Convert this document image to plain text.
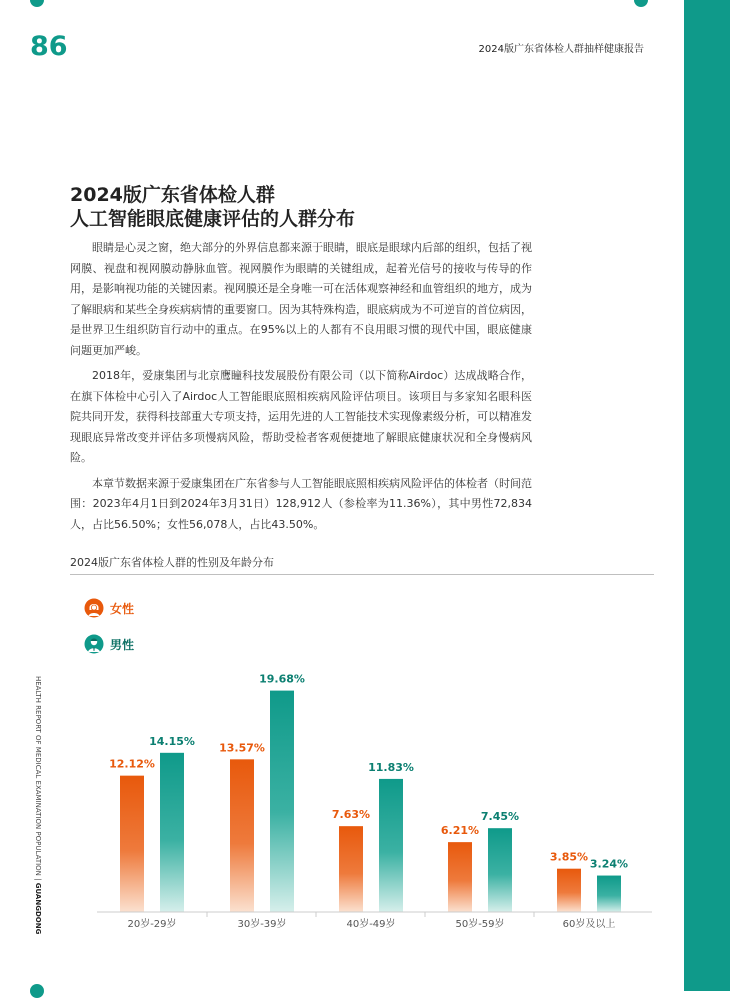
86	2024版广东省体检人群抽样健康报告
2024版广东省体检人群
人工智能眼底健康评估的人群分布

眼睛是心灵之窗，绝大部分的外界信息都来源于眼睛，眼底是眼球内后部的组织，包括了视网膜、视盘和视网膜动静脉血管。视网膜作为眼睛的关键组成，起着光信号的接收与传导的作用，是影响视功能的关键因素。视网膜还是全身唯一可在活体观察神经和血管组织的地方，成为了解眼病和某些全身疾病病情的重要窗口。因为其特殊构造，眼底病成为不可逆盲的首位病因，是世界卫生组织防盲行动中的重点。在95%以上的人都有不良用眼习惯的现代中国，眼底健康问题更加严峻。

2018年，爱康集团与北京鹰瞳科技发展股份有限公司（以下简称Airdoc）达成战略合作，在旗下体检中心引入了Airdoc人工智能眼底照相疾病风险评估项目。该项目与多家知名眼科医院共同开发，获得科技部重大专项支持，运用先进的人工智能技术实现像素级分析，可以精准发现眼底异常改变并评估多项慢病风险，帮助受检者客观便捷地了解眼底健康状况和全身慢病风险。

本章节数据来源于爱康集团在广东省参与人工智能眼底照相疾病风险评估的体检者（时间范围：2023年4月1日到2024年3月31日）128,912人（参检率为11.36%），其中男性72,834人，占比56.50%；女性56,078人，占比43.50%。

2024版广东省体检人群的性别及年龄分布
女性
男性
HEALTH REPORT OF MEDICAL EXAMINATION POPULATION | GUANGDONG
12.12%
14.15%
13.57%
19.68%
7.63%
11.83%
6.21%
7.45%
3.85%
3.24%
20岁-29岁	30岁-39岁	40岁-49岁	50岁-59岁	60岁及以上
